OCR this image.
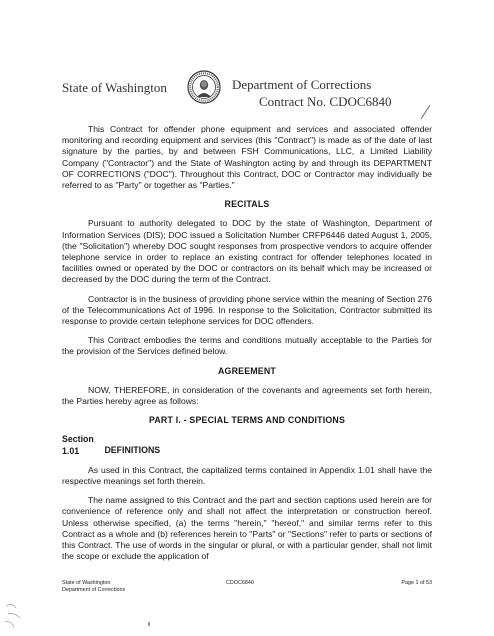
State of Washington	Department of Corrections
Contract No. CDOC6840

This Contract for offender phone equipment and services and associated offender monitoring and recording equipment and services (this "Contract") is made as of the date of last signature by the parties, by and between FSH Communications, LLC, a Limited Liability Company ("Contractor") and the State of Washington acting by and through its DEPARTMENT OF CORRECTIONS ("DOC"). Throughout this Contract, DOC or Contractor may individually be referred to as "Party" or together as "Parties."

RECITALS

Pursuant to authority delegated to DOC by the state of Washington, Department of Information Services (DIS); DOC issued a Solicitation Number CRFP6446 dated August 1, 2005, (the "Solicitation") whereby DOC sought responses from prospective vendors to acquire offender telephone service in order to replace an existing contract for offender telephones located in facilities owned or operated by the DOC or contractors on its behalf which may be increased or decreased by the DOC during the term of the Contract.

Contractor is in the business of providing phone service within the meaning of Section 276 of the Telecommunications Act of 1996. In response to the Solicitation, Contractor submitted its response to provide certain telephone services for DOC offenders.

This Contract embodies the terms and conditions mutually acceptable to the Parties for the provision of the Services defined below.

AGREEMENT

NOW, THEREFORE, in consideration of the covenants and agreements set forth herein, the Parties hereby agree as follows:

PART I. - SPECIAL TERMS AND CONDITIONS
Section 1.01	DEFINITIONS

As used in this Contract, the capitalized terms contained in Appendix 1.01 shall have the respective meanings set forth therein.

The name assigned to this Contract and the part and section captions used herein are for convenience of reference only and shall not affect the interpretation or construction hereof. Unless otherwise specified, (a) the terms "herein," "hereof," and similar terms refer to this Contract as a whole and (b) references herein to "Parts" or "Sections" refer to parts or sections of this Contract. The use of words in the singular or plural, or with a particular gender, shall not limit the scope or exclude the application of

State of Washington
Department of Corrections
CDOC6840	Page 1 of 53
